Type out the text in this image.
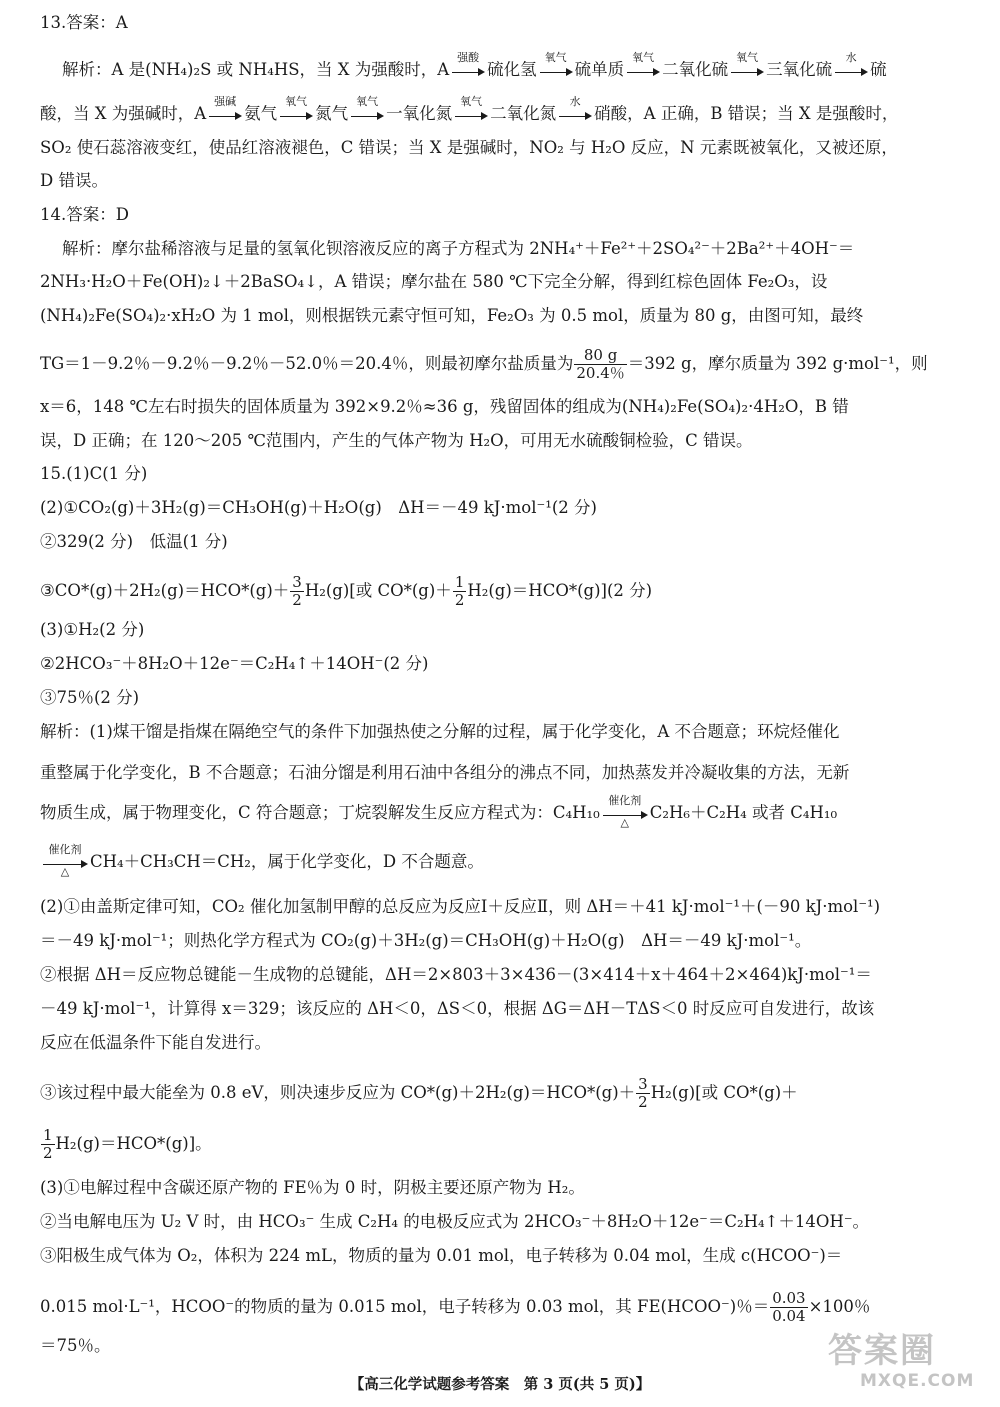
13.答案：A
解析：A 是(NH₄)₂S 或 NH₄HS，当 X 为强酸时，A
强酸
硫化氢
氧气
硫单质
氧气
二氧化硫
氧气
三氧化硫
水
硫
酸，当 X 为强碱时，A
强碱
氨气
氧气
氮气
氧气
一氧化氮
氧气
二氧化氮
水
硝酸，A 正确，B 错误；当 X 是强酸时，
SO₂ 使石蕊溶液变红，使品红溶液褪色，C 错误；当 X 是强碱时，NO₂ 与 H₂O 反应，N 元素既被氧化，又被还原，
D 错误。
14.答案：D
解析：摩尔盐稀溶液与足量的氢氧化钡溶液反应的离子方程式为 2NH₄⁺＋Fe²⁺＋2SO₄²⁻＋2Ba²⁺＋4OH⁻＝
2NH₃·H₂O＋Fe(OH)₂↓＋2BaSO₄↓，A 错误；摩尔盐在 580 ℃下完全分解，得到红棕色固体 Fe₂O₃，设
(NH₄)₂Fe(SO₄)₂·xH₂O 为 1 mol，则根据铁元素守恒可知，Fe₂O₃ 为 0.5 mol，质量为 80 g，由图可知，最终
TG＝1－9.2％－9.2％－9.2％－52.0％＝20.4％，则最初摩尔盐质量为 $\frac{80 g}{20.4\%} =392$ g，摩尔质量为 392 g·mol⁻¹，则
x＝6，148 ℃左右时损失的固体质量为 392×9.2％≈36 g，残留固体的组成为(NH₄)₂Fe(SO₄)₂·4H₂O，B 错
误，D 正确；在 120～205 ℃范围内，产生的气体产物为 H₂O，可用无水硫酸铜检验，C 错误。
15.(1)C(1 分)
(2)①CO₂(g)＋3H₂(g)＝CH₃OH(g)＋H₂O(g)　ΔH＝－49 kJ·mol⁻¹(2 分)
②329(2 分)　低温(1 分)
③CO*(g)＋2H₂(g)＝HCO*(g)＋ $\frac{3}{2} H_2(g)$[或 $CO*(g)+ \frac{1}{2} H_2(g)=HCO*(g)](2$ 分)
(3)①H₂(2 分)
②2HCO₃⁻＋8H₂O＋12e⁻＝C₂H₄↑＋14OH⁻(2 分)
③75％(2 分)
解析：(1)煤干馏是指煤在隔绝空气的条件下加强热使之分解的过程，属于化学变化，A 不合题意；环烷烃催化
重整属于化学变化，B 不合题意；石油分馏是利用石油中各组分的沸点不同，加热蒸发并冷凝收集的方法，无新
物质生成，属于物理变化，C 符合题意；丁烷裂解发生反应方程式为：C₄H₁₀
催化剂
△	C₂H₆＋C₂H₄ 或者 C₄H₁₀
催化剂
△	CH₄＋CH₃CH＝CH₂，属于化学变化，D 不合题意。
(2)①由盖斯定律可知，CO₂ 催化加氢制甲醇的总反应为反应Ⅰ＋反应Ⅱ，则 ΔH＝＋41 kJ·mol⁻¹＋(－90 kJ·mol⁻¹)
＝－49 kJ·mol⁻¹；则热化学方程式为 CO₂(g)＋3H₂(g)＝CH₃OH(g)＋H₂O(g)　ΔH＝－49 kJ·mol⁻¹。
②根据 ΔH＝反应物总键能－生成物的总键能，ΔH＝2×803＋3×436－(3×414＋x＋464＋2×464)kJ·mol⁻¹＝
－49 kJ·mol⁻¹，计算得 x＝329；该反应的 ΔH＜0，ΔS＜0，根据 ΔG＝ΔH－TΔS＜0 时反应可自发进行，故该
反应在低温条件下能自发进行。
③该过程中最大能垒为 0.8 eV，则决速步反应为 $CO*(g)+2H_2(g)=HCO*(g)+ \frac{3}{2} H_2(g)$[或 CO*(g)＋
$\frac{1}{2} H_2(g)=HCO*(g)$]。
(3)①电解过程中含碳还原产物的 FE％为 0 时，阴极主要还原产物为 H₂。
②当电解电压为 U₂ V 时，由 HCO₃⁻ 生成 C₂H₄ 的电极反应式为 2HCO₃⁻＋8H₂O＋12e⁻＝C₂H₄↑＋14OH⁻。
③阳极生成气体为 O₂，体积为 224 mL，物质的量为 0.01 mol，电子转移为 0.04 mol，生成 c(HCOO⁻)＝
0.015 mol·L⁻¹，HCOO⁻的物质的量为 0.015 mol，电子转移为 0.03 mol，其 FE(HCOO⁻)％＝ $\frac{0.03}{0.04} \times 100$％
＝75％。
【高三化学试题参考答案　第 3 页(共 5 页)】
答案圈
MXQE.COM
